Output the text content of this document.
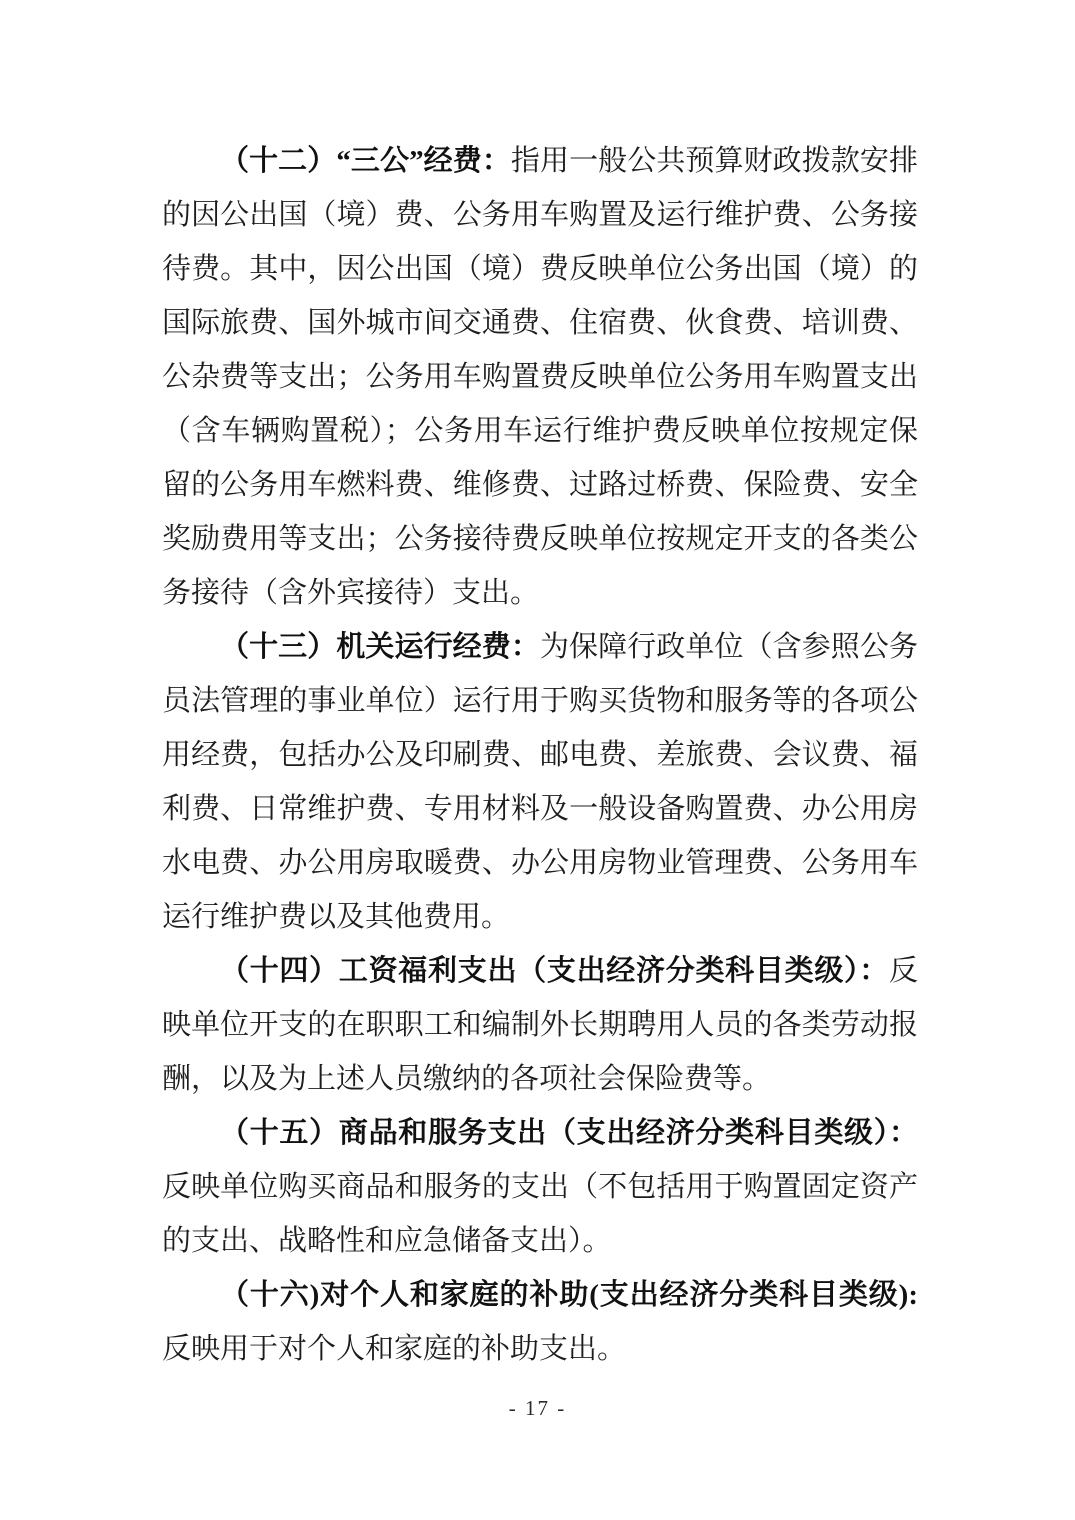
（十二）“三公”经费：指用一般公共预算财政拨款安排的因公出国（境）费、公务用车购置及运行维护费、公务接待费。其中，因公出国（境）费反映单位公务出国（境）的国际旅费、国外城市间交通费、住宿费、伙食费、培训费、公杂费等支出；公务用车购置费反映单位公务用车购置支出（含车辆购置税）；公务用车运行维护费反映单位按规定保留的公务用车燃料费、维修费、过路过桥费、保险费、安全奖励费用等支出；公务接待费反映单位按规定开支的各类公务接待（含外宾接待）支出。

（十三）机关运行经费：为保障行政单位（含参照公务员法管理的事业单位）运行用于购买货物和服务等的各项公用经费，包括办公及印刷费、邮电费、差旅费、会议费、福利费、日常维护费、专用材料及一般设备购置费、办公用房水电费、办公用房取暖费、办公用房物业管理费、公务用车运行维护费以及其他费用。

（十四）工资福利支出（支出经济分类科目类级）：反映单位开支的在职职工和编制外长期聘用人员的各类劳动报酬，以及为上述人员缴纳的各项社会保险费等。

（十五）商品和服务支出（支出经济分类科目类级）：反映单位购买商品和服务的支出（不包括用于购置固定资产的支出、战略性和应急储备支出）。

（十六)对个人和家庭的补助(支出经济分类科目类级):反映用于对个人和家庭的补助支出。

- 17 -
